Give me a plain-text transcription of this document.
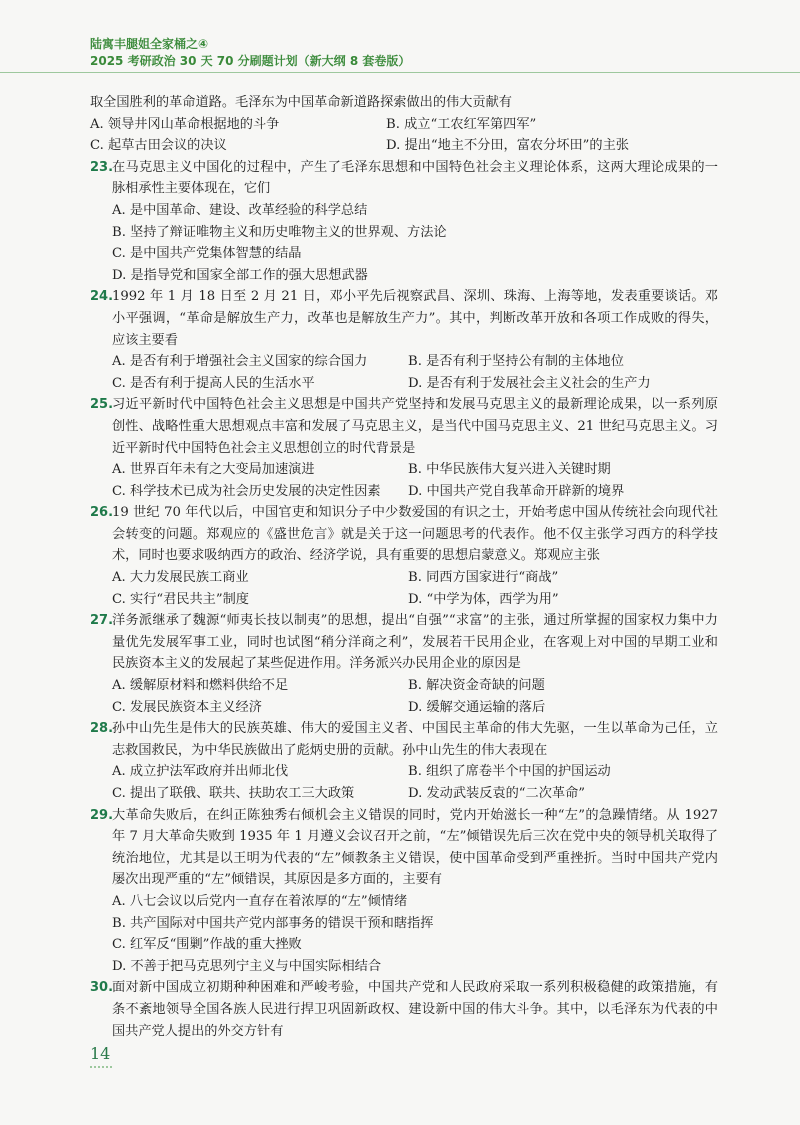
陆寓丰腿姐全家桶之④
2025 考研政治 30 天 70 分刷题计划（新大纲 8 套卷版）
取全国胜利的革命道路。毛泽东为中国革命新道路探索做出的伟大贡献有
A. 领导井冈山革命根据地的斗争	B. 成立“工农红军第四军”
C. 起草古田会议的决议	D. 提出“地主不分田，富农分坏田”的主张
23.
在马克思主义中国化的过程中，产生了毛泽东思想和中国特色社会主义理论体系，这两大理论成果的一脉相承性主要体现在，它们
A. 是中国革命、建设、改革经验的科学总结
B. 坚持了辩证唯物主义和历史唯物主义的世界观、方法论
C. 是中国共产党集体智慧的结晶
D. 是指导党和国家全部工作的强大思想武器
24.
1992 年 1 月 18 日至 2 月 21 日，邓小平先后视察武昌、深圳、珠海、上海等地，发表重要谈话。邓小平强调，“革命是解放生产力，改革也是解放生产力”。其中，判断改革开放和各项工作成败的得失，应该主要看
A. 是否有利于增强社会主义国家的综合国力	B. 是否有利于坚持公有制的主体地位
C. 是否有利于提高人民的生活水平	D. 是否有利于发展社会主义社会的生产力
25.
习近平新时代中国特色社会主义思想是中国共产党坚持和发展马克思主义的最新理论成果，以一系列原创性、战略性重大思想观点丰富和发展了马克思主义，是当代中国马克思主义、21 世纪马克思主义。习近平新时代中国特色社会主义思想创立的时代背景是
A. 世界百年未有之大变局加速演进	B. 中华民族伟大复兴进入关键时期
C. 科学技术已成为社会历史发展的决定性因素	D. 中国共产党自我革命开辟新的境界
26.
19 世纪 70 年代以后，中国官吏和知识分子中少数爱国的有识之士，开始考虑中国从传统社会向现代社会转变的问题。郑观应的《盛世危言》就是关于这一问题思考的代表作。他不仅主张学习西方的科学技术，同时也要求吸纳西方的政治、经济学说，具有重要的思想启蒙意义。郑观应主张
A. 大力发展民族工商业	B. 同西方国家进行“商战”
C. 实行“君民共主”制度	D. “中学为体，西学为用”
27.
洋务派继承了魏源“师夷长技以制夷”的思想，提出“自强”“求富”的主张，通过所掌握的国家权力集中力量优先发展军事工业，同时也试图“稍分洋商之利”，发展若干民用企业，在客观上对中国的早期工业和民族资本主义的发展起了某些促进作用。洋务派兴办民用企业的原因是
A. 缓解原材料和燃料供给不足	B. 解决资金奇缺的问题
C. 发展民族资本主义经济	D. 缓解交通运输的落后
28.
孙中山先生是伟大的民族英雄、伟大的爱国主义者、中国民主革命的伟大先驱，一生以革命为己任，立志救国救民，为中华民族做出了彪炳史册的贡献。孙中山先生的伟大表现在
A. 成立护法军政府并出师北伐	B. 组织了席卷半个中国的护国运动
C. 提出了联俄、联共、扶助农工三大政策	D. 发动武装反袁的“二次革命”
29.
大革命失败后，在纠正陈独秀右倾机会主义错误的同时，党内开始滋长一种“左”的急躁情绪。从 1927 年 7 月大革命失败到 1935 年 1 月遵义会议召开之前，“左”倾错误先后三次在党中央的领导机关取得了统治地位，尤其是以王明为代表的“左”倾教条主义错误，使中国革命受到严重挫折。当时中国共产党内屡次出现严重的“左”倾错误，其原因是多方面的，主要有
A. 八七会议以后党内一直存在着浓厚的“左”倾情绪
B. 共产国际对中国共产党内部事务的错误干预和瞎指挥
C. 红军反“围剿”作战的重大挫败
D. 不善于把马克思列宁主义与中国实际相结合
30.
面对新中国成立初期种种困难和严峻考验，中国共产党和人民政府采取一系列积极稳健的政策措施，有条不紊地领导全国各族人民进行捍卫巩固新政权、建设新中国的伟大斗争。其中，以毛泽东为代表的中国共产党人提出的外交方针有
14
